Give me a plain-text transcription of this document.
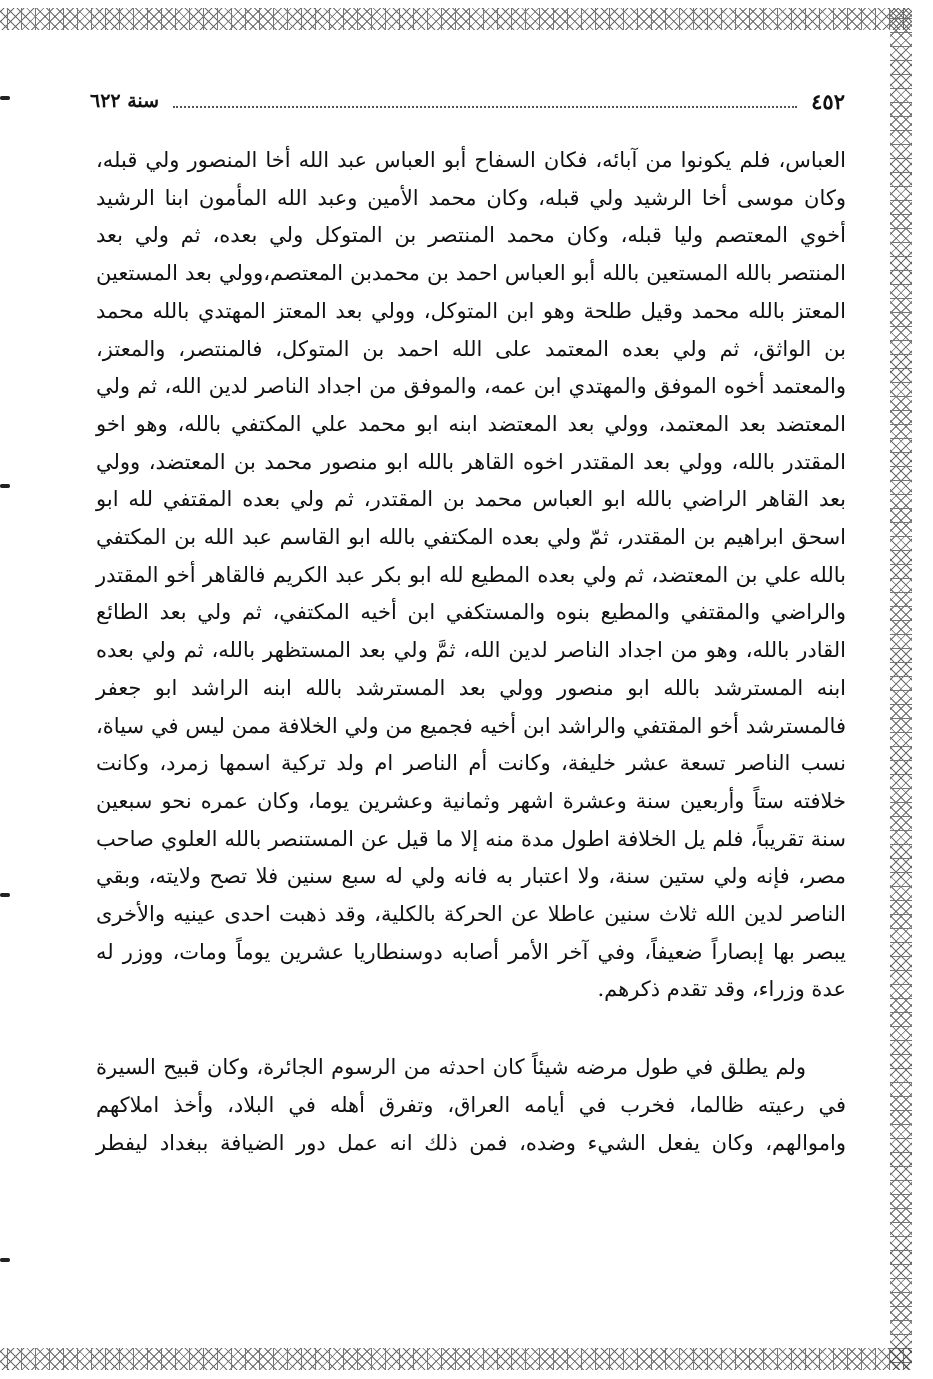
٤٥٢
سنة ٦٢٢

العباس، فلم يكونوا من آبائه، فكان السفاح أبو العباس عبد الله أخا المنصور ولي قبله، وكان موسى أخا الرشيد ولي قبله، وكان محمد الأمين وعبد الله المأمون ابنا الرشيد أخوي المعتصم وليا قبله، وكان محمد المنتصر بن المتوكل ولي بعده، ثم ولي بعد المنتصر بالله المستعين بالله أبو العباس احمد بن محمدبن المعتصم،وولي بعد المستعين المعتز بالله محمد وقيل طلحة وهو ابن المتوكل، وولي بعد المعتز المهتدي بالله محمد بن الواثق، ثم ولي بعده المعتمد على الله احمد بن المتوكل، فالمنتصر، والمعتز، والمعتمد أخوه الموفق والمهتدي ابن عمه، والموفق من اجداد الناصر لدين الله، ثم ولي المعتضد بعد المعتمد، وولي بعد المعتضد ابنه ابو محمد علي المكتفي بالله، وهو اخو المقتدر بالله، وولي بعد المقتدر اخوه القاهر بالله ابو منصور محمد بن المعتضد، وولي بعد القاهر الراضي بالله ابو العباس محمد بن المقتدر، ثم ولي بعده المقتفي لله ابو اسحق ابراهيم بن المقتدر، ثمّ ولي بعده المكتفي بالله ابو القاسم عبد الله بن المكتفي بالله علي بن المعتضد، ثم ولي بعده المطيع لله ابو بكر عبد الكريم فالقاهر أخو المقتدر والراضي والمقتفي والمطيع بنوه والمستكفي ابن أخيه المكتفي، ثم ولي بعد الطائع القادر بالله، وهو من اجداد الناصر لدين الله، ثمَّ ولي بعد المستظهر بالله، ثم ولي بعده ابنه المسترشد بالله ابو منصور وولي بعد المسترشد بالله ابنه الراشد ابو جعفر فالمسترشد أخو المقتفي والراشد ابن أخيه فجميع من ولي الخلافة ممن ليس في سياة، نسب الناصر تسعة عشر خليفة، وكانت أم الناصر ام ولد تركية اسمها زمرد، وكانت خلافته ستاً وأربعين سنة وعشرة اشهر وثمانية وعشرين يوما، وكان عمره نحو سبعين سنة تقريباً، فلم يل الخلافة اطول مدة منه إلا ما قيل عن المستنصر بالله العلوي صاحب مصر، فإنه ولي ستين سنة، ولا اعتبار به فانه ولي له سبع سنين فلا تصح ولايته، وبقي الناصر لدين الله ثلاث سنين عاطلا عن الحركة بالكلية، وقد ذهبت احدى عينيه والأخرى يبصر بها إبصاراً ضعيفاً، وفي آخر الأمر أصابه دوسنطاريا عشرين يوماً ومات، ووزر له عدة وزراء، وقد تقدم ذكرهم.

ولم يطلق في طول مرضه شيئاً كان احدثه من الرسوم الجائرة، وكان قبيح السيرة في رعيته ظالما، فخرب في أيامه العراق، وتفرق أهله في البلاد، وأخذ املاكهم واموالهم، وكان يفعل الشيء وضده، فمن ذلك انه عمل دور الضيافة ببغداد ليفطر
